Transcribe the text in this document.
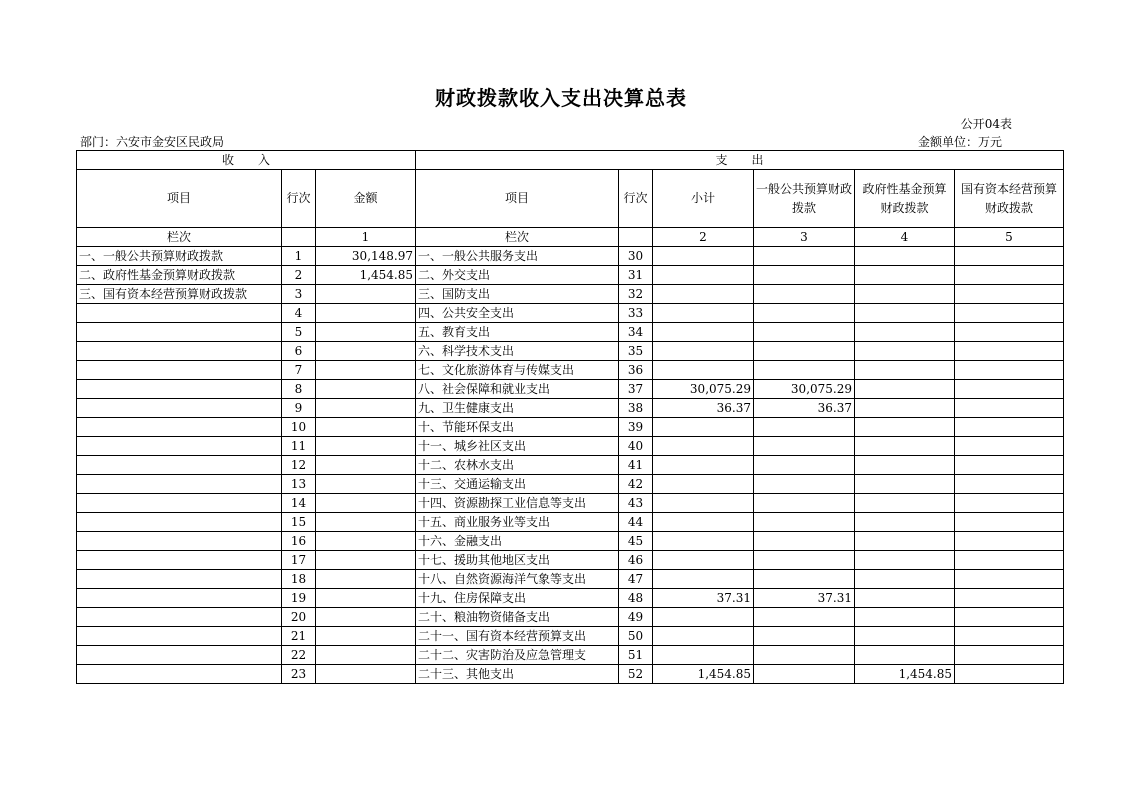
财政拨款收入支出决算总表
公开04表
部门：六安市金安区民政局	金额单位：万元
收　　入			支　　出					
项目	行次	金额	项目	行次	小计	一般公共预算财政拨款	政府性基金预算财政拨款	国有资本经营预算财政拨款
栏次		1	栏次		2	3	4	5
一、一般公共预算财政拨款	1	30,148.97	一、一般公共服务支出	30				
二、政府性基金预算财政拨款	2	1,454.85	二、外交支出	31				
三、国有资本经营预算财政拨款	3		三、国防支出	32				
	4		四、公共安全支出	33				
	5		五、教育支出	34				
	6		六、科学技术支出	35				
	7		七、文化旅游体育与传媒支出	36				
	8		八、社会保障和就业支出	37	30,075.29	30,075.29		
	9		九、卫生健康支出	38	36.37	36.37		
	10		十、节能环保支出	39				
	11		十一、城乡社区支出	40				
	12		十二、农林水支出	41				
	13		十三、交通运输支出	42				
	14		十四、资源勘探工业信息等支出	43				
	15		十五、商业服务业等支出	44				
	16		十六、金融支出	45				
	17		十七、援助其他地区支出	46				
	18		十八、自然资源海洋气象等支出	47				
	19		十九、住房保障支出	48	37.31	37.31		
	20		二十、粮油物资储备支出	49				
	21		二十一、国有资本经营预算支出	50				
	22		二十二、灾害防治及应急管理支	51				
	23		二十三、其他支出	52	1,454.85		1,454.85	
